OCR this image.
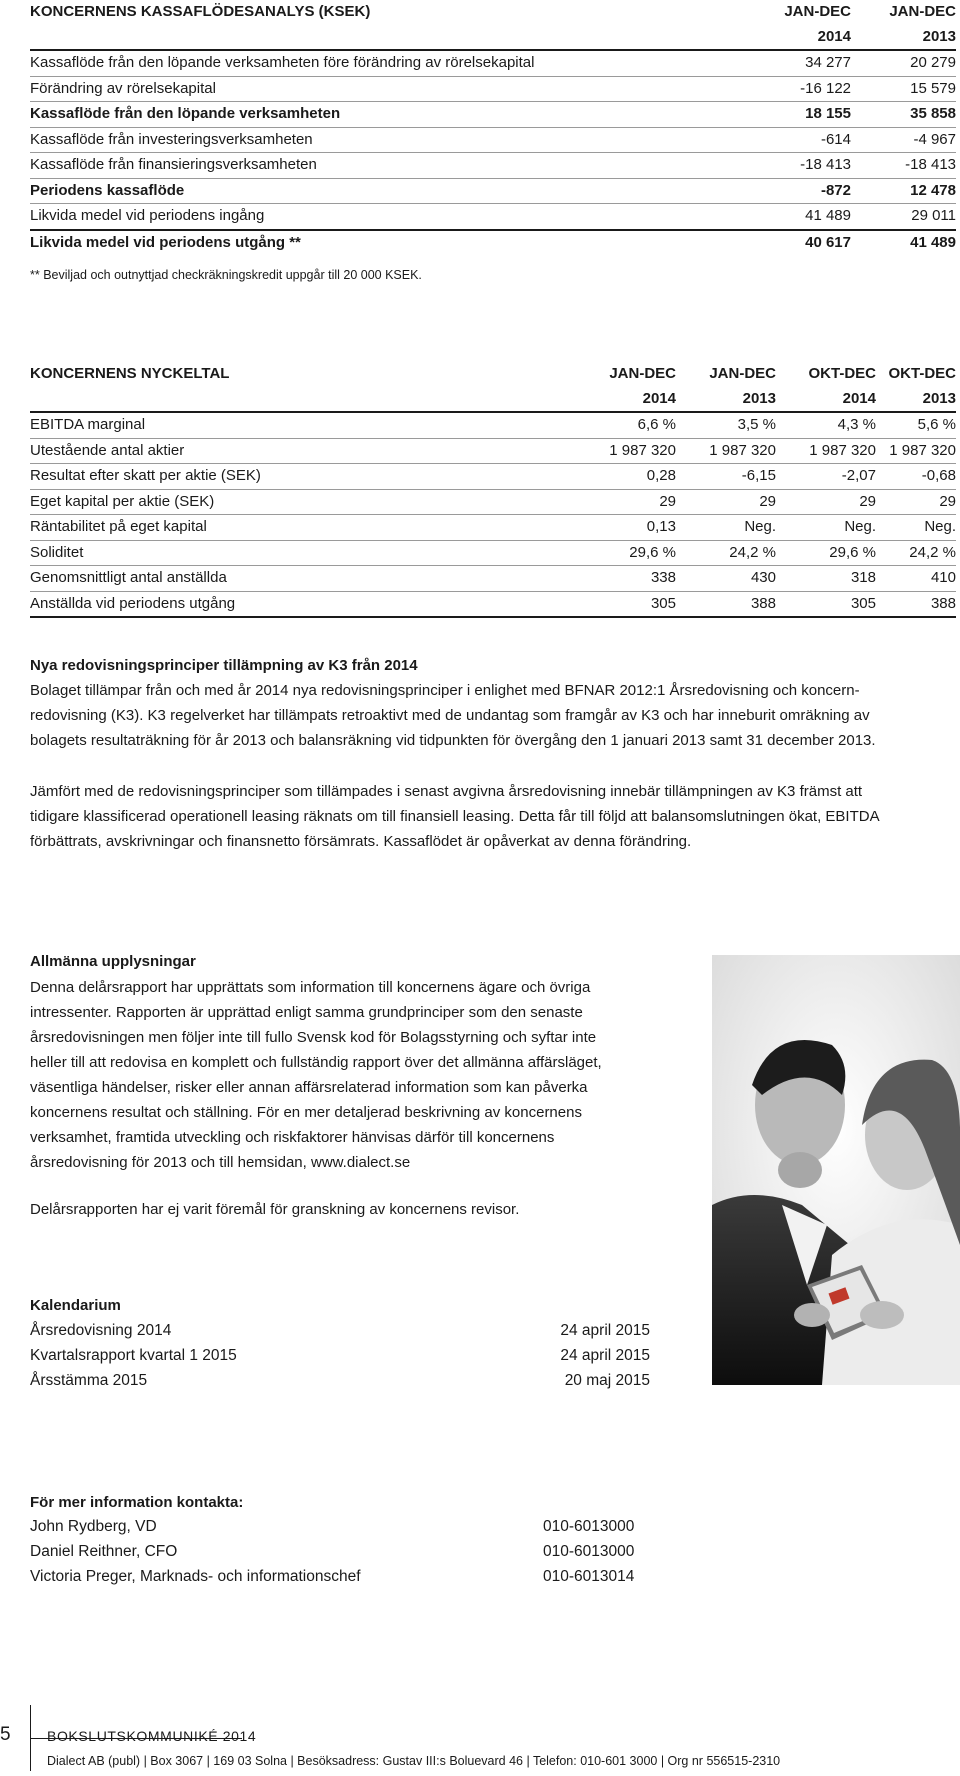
KONCERNENS KASSAFLÖDESANALYS (KSEK)	JAN-DEC	JAN-DEC
	2014	2013
Kassaflöde från den löpande verksamheten före förändring av rörelsekapital	34 277	20 279
Förändring av rörelsekapital	-16 122	15 579
Kassaflöde från den löpande verksamheten	18 155	35 858
Kassaflöde från investeringsverksamheten	-614	-4 967
Kassaflöde från finansieringsverksamheten	-18 413	-18 413
Periodens kassaflöde	-872	12 478
Likvida medel vid periodens ingång	41 489	29 011
Likvida medel vid periodens utgång **	40 617	41 489
** Beviljad och outnyttjad checkräkningskredit uppgår till 20 000 KSEK.
KONCERNENS NYCKELTAL	JAN-DEC	JAN-DEC	OKT-DEC	OKT-DEC
	2014	2013	2014	2013
EBITDA marginal	6,6 %	3,5 %	4,3 %	5,6 %
Utestående antal aktier	1 987 320	1 987 320	1 987 320	1 987 320
Resultat efter skatt per aktie (SEK)	0,28	-6,15	-2,07	-0,68
Eget kapital per aktie (SEK)	29	29	29	29
Räntabilitet på eget kapital	0,13	Neg.	Neg.	Neg.
Soliditet	29,6 %	24,2 %	29,6 %	24,2 %
Genomsnittligt antal anställda	338	430	318	410
Anställda vid periodens utgång	305	388	305	388
Nya redovisningsprinciper tillämpning av K3 från 2014

Bolaget tillämpar från och med år 2014 nya redovisningsprinciper i enlighet med BFNAR 2012:1 Årsredovisning och koncern-

redovisning (K3). K3 regelverket har tillämpats retroaktivt med de undantag som framgår av K3 och har inneburit omräkning av

bolagets resultaträkning för år 2013 och balansräkning vid tidpunkten för övergång den 1 januari 2013 samt 31 december 2013.

Jämfört med de redovisningsprinciper som tillämpades i senast avgivna årsredovisning innebär tillämpningen av K3 främst att

tidigare klassificerad operationell leasing räknats om till finansiell leasing. Detta får till följd att balansomslutningen ökat, EBITDA

förbättrats, avskrivningar och finansnetto försämrats. Kassaflödet är opåverkat av denna förändring.

Allmänna upplysningar

Denna delårsrapport har upprättats som information till koncernens ägare och övriga

intressenter. Rapporten är upprättad enligt samma grundprinciper som den senaste

årsredovisningen men följer inte till fullo Svensk kod för Bolagsstyrning och syftar inte

heller till att redovisa en komplett och fullständig rapport över det allmänna affärsläget,

väsentliga händelser, risker eller annan affärsrelaterad information som kan påverka

koncernens resultat och ställning. För en mer detaljerad beskrivning av koncernens

verksamhet, framtida utveckling och riskfaktorer hänvisas därför till koncernens

årsredovisning för 2013 och till hemsidan, www.dialect.se

Delårsrapporten har ej varit föremål för granskning av koncernens revisor.
Kalendarium
Årsredovisning 2014	24 april 2015
Kvartalsrapport kvartal 1 2015	24 april 2015
Årsstämma 2015	20 maj 2015
För mer information kontakta:
John Rydberg, VD	010-6013000
Daniel Reithner, CFO	010-6013000
Victoria Preger, Marknads- och informationschef	010-6013014
5	BOKSLUTSKOMMUNIKÉ 2014
Dialect AB (publ) | Box 3067 | 169 03 Solna | Besöksadress: Gustav III:s Boluevard 46 | Telefon: 010-601 3000 | Org nr 556515-2310
